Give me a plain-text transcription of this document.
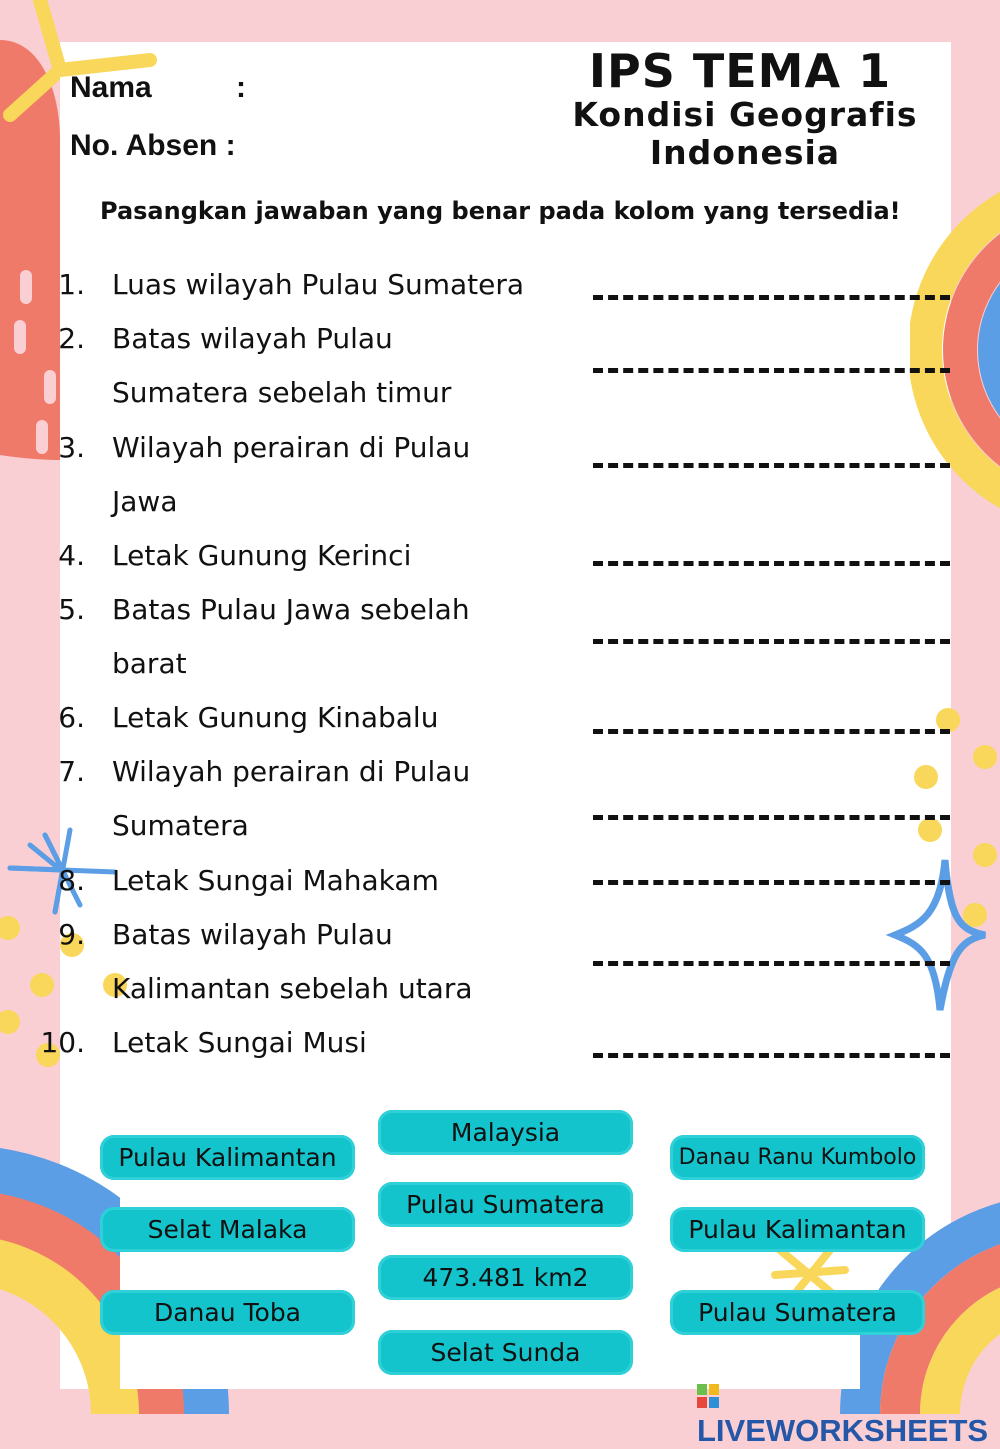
Nama	:
No. Absen :
IPS TEMA 1
Kondisi Geografis
Indonesia
Pasangkan jawaban yang benar pada kolom yang tersedia!
1. Luas wilayah Pulau Sumatera
2. Batas wilayah Pulau
Sumatera sebelah timur
3. Wilayah perairan di Pulau
Jawa
4. Letak Gunung Kerinci
5. Batas Pulau Jawa sebelah
barat
6. Letak Gunung Kinabalu
7. Wilayah perairan di Pulau
Sumatera
8. Letak Sungai Mahakam
9. Batas wilayah Pulau
Kalimantan sebelah utara
10. Letak Sungai Musi
Pulau Kalimantan
Selat Malaka
Danau Toba
Malaysia
Pulau Sumatera
473.481 km2
Selat Sunda
Danau Ranu Kumbolo
Pulau Kalimantan
Pulau Sumatera
LIVEWORKSHEETS
